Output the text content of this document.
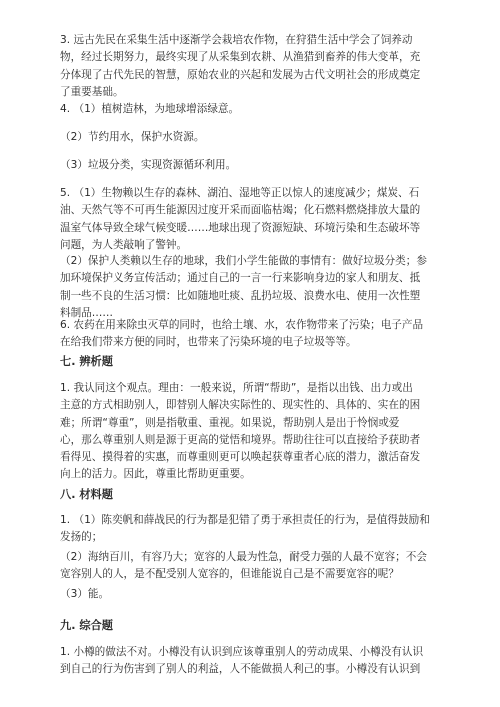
3. 远古先民在采集生活中逐渐学会栽培农作物，在狩猎生活中学会了饲养动
物，经过长期努力，最终实现了从采集到农耕、从渔猎到畜养的伟大变革，充
分体现了古代先民的智慧，原始农业的兴起和发展为古代文明社会的形成奠定
了重要基础。
4. （1）植树造林，为地球增添绿意。
（2）节约用水，保护水资源。
（3）垃圾分类，实现资源循环利用。
5. （1）生物赖以生存的森林、湖泊、湿地等正以惊人的速度减少；煤炭、石
油、天然气等不可再生能源因过度开采而面临枯竭；化石燃料燃烧排放大量的
温室气体导致全球气候变暖……地球出现了资源短缺、环境污染和生态破坏等
问题，为人类敲响了警钟。
（2）保护人类赖以生存的地球，我们小学生能做的事情有：做好垃圾分类；参
加环境保护义务宣传活动；通过自己的一言一行来影响身边的家人和朋友、抵
制一些不良的生活习惯：比如随地吐痰、乱扔垃圾、浪费水电、使用一次性塑
料制品……
6. 农药在用来除虫灭草的同时，也给土壤、水，农作物带来了污染；电子产品
在给我们带来方便的同时，也带来了污染环境的电子垃圾等等。
七. 辨析题
1. 我认同这个观点。理由：一般来说，所谓“帮助”，是指以出钱、出力或出
主意的方式相助别人，即替别人解决实际性的、现实性的、具体的、实在的困
难；所谓“尊重”，则是指敬重、重视。如果说，帮助别人是出于怜悯或爱
心，那么尊重别人则是源于更高的觉悟和境界。帮助往往可以直接给予获助者
看得见、摸得着的实惠，而尊重则更可以唤起获尊重者心底的潜力，激活奋发
向上的活力。因此，尊重比帮助更重要。
八. 材料题
1. （1）陈奕帆和薛战民的行为都是犯错了勇于承担责任的行为，是值得鼓励和
发扬的；
（2）海纳百川，有容乃大；宽容的人最为性急，耐受力强的人最不宽容；不会
宽容别人的人，是不配受别人宽容的，但谁能说自己是不需要宽容的呢？
（3）能。
九. 综合题
1. 小樽的做法不对。小樽没有认识到应该尊重别人的劳动成果、小樽没有认识
到自己的行为伤害到了别人的利益，人不能做损人利己的事。小樽没有认识到
